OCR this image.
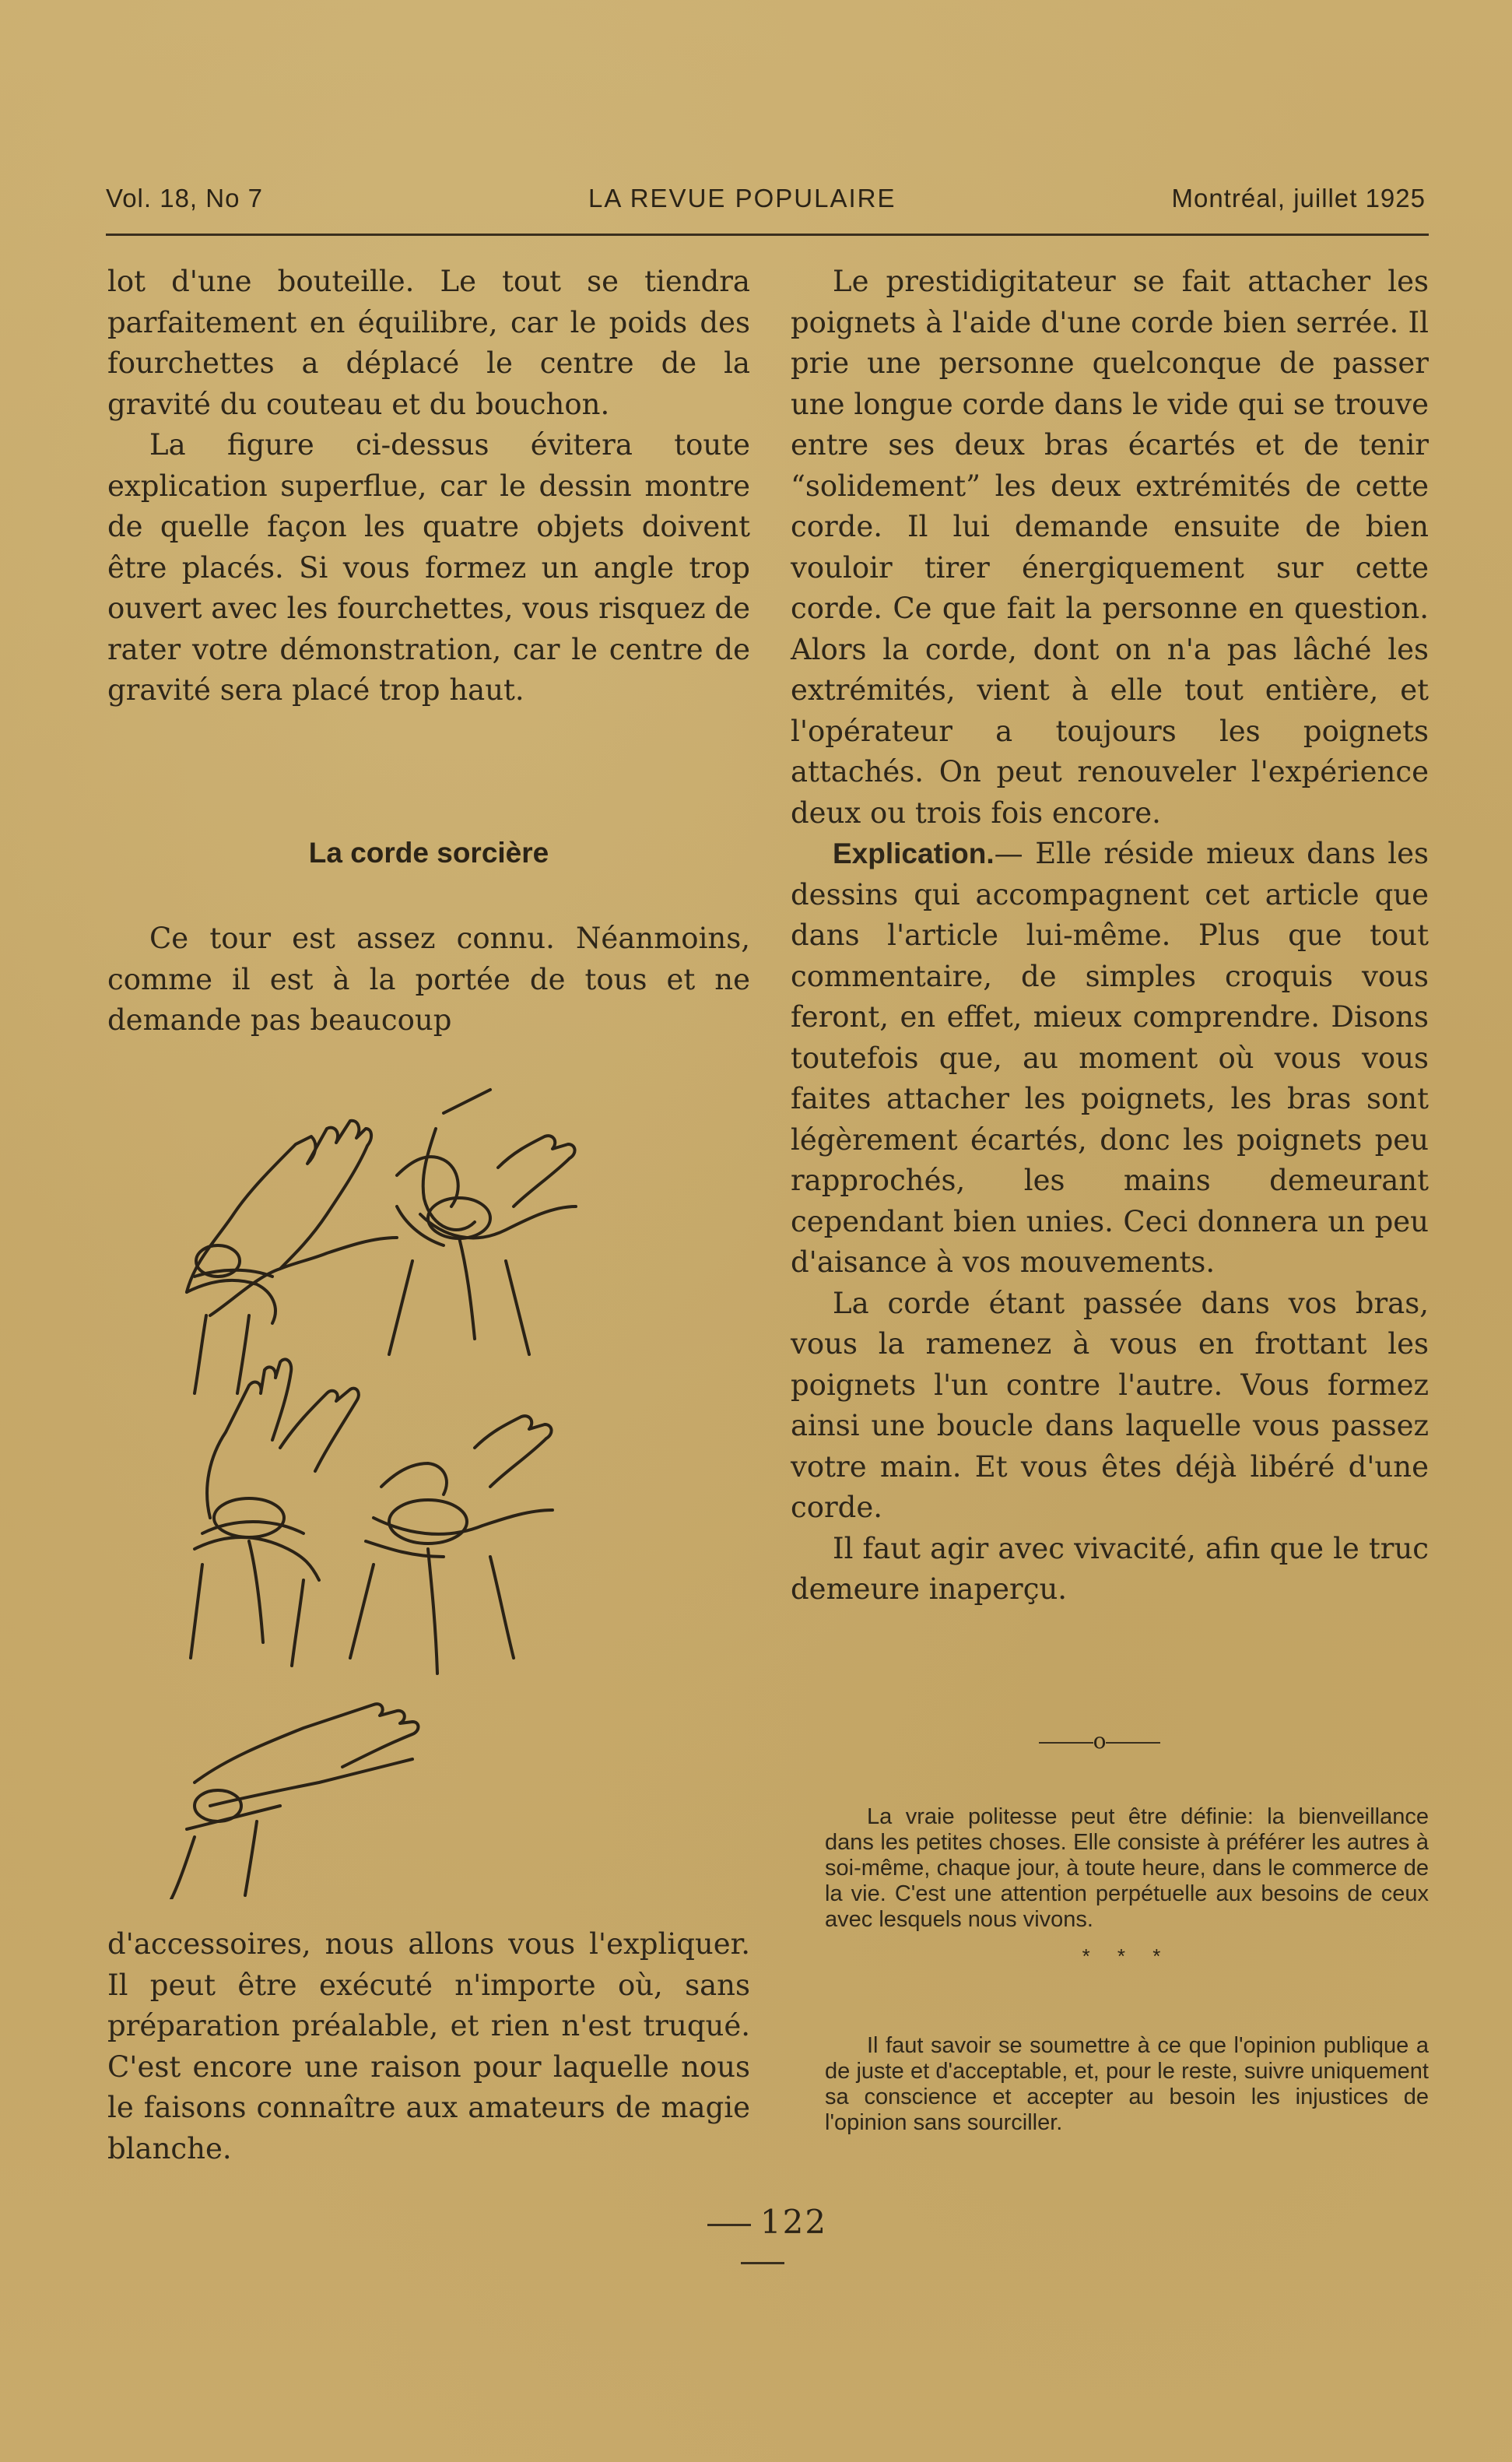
Vol. 18, No 7	LA REVUE POPULAIRE	Montréal, juillet 1925

lot d'une bouteille. Le tout se tiendra parfaitement en équilibre, car le poids des fourchettes a déplacé le centre de la gravité du couteau et du bouchon.

La figure ci-dessus évitera toute explication superflue, car le dessin montre de quelle façon les quatre objets doivent être placés. Si vous formez un angle trop ouvert avec les fourchettes, vous risquez de rater votre démonstration, car le centre de gravité sera placé trop haut.

La corde sorcière

Ce tour est assez connu. Néanmoins, comme il est à la portée de tous et ne demande pas beaucoup

d'accessoires, nous allons vous l'expliquer. Il peut être exécuté n'importe où, sans préparation préalable, et rien n'est truqué. C'est encore une raison pour laquelle nous le faisons connaître aux amateurs de magie blanche.

Le prestidigitateur se fait attacher les poignets à l'aide d'une corde bien serrée. Il prie une personne quelconque de passer une longue corde dans le vide qui se trouve entre ses deux bras écartés et de tenir “solidement” les deux extrémités de cette corde. Il lui demande ensuite de bien vouloir tirer énergiquement sur cette corde. Ce que fait la personne en question. Alors la corde, dont on n'a pas lâché les extrémités, vient à elle tout entière, et l'opérateur a toujours les poignets attachés. On peut renouveler l'expérience deux ou trois fois encore.

Explication.— Elle réside mieux dans les dessins qui accompagnent cet article que dans l'article lui-même. Plus que tout commentaire, de simples croquis vous feront, en effet, mieux comprendre. Disons toutefois que, au moment où vous vous faites attacher les poignets, les bras sont légèrement écartés, donc les poignets peu rapprochés, les mains demeurant cependant bien unies. Ceci donnera un peu d'aisance à vos mouvements.

La corde étant passée dans vos bras, vous la ramenez à vous en frottant les poignets l'un contre l'autre. Vous formez ainsi une boucle dans laquelle vous passez votre main. Et vous êtes déjà libéré d'une corde.

Il faut agir avec vivacité, afin que le truc demeure inaperçu.

o

La vraie politesse peut être définie: la bienveillance dans les petites choses. Elle consiste à préférer les autres à soi-même, chaque jour, à toute heure, dans le commerce de la vie. C'est une attention perpétuelle aux besoins de ceux avec lesquels nous vivons.

* * *

Il faut savoir se soumettre à ce que l'opinion publique a de juste et d'acceptable, et, pour le reste, suivre uniquement sa conscience et accepter au besoin les injustices de l'opinion sans sourciller.

122
